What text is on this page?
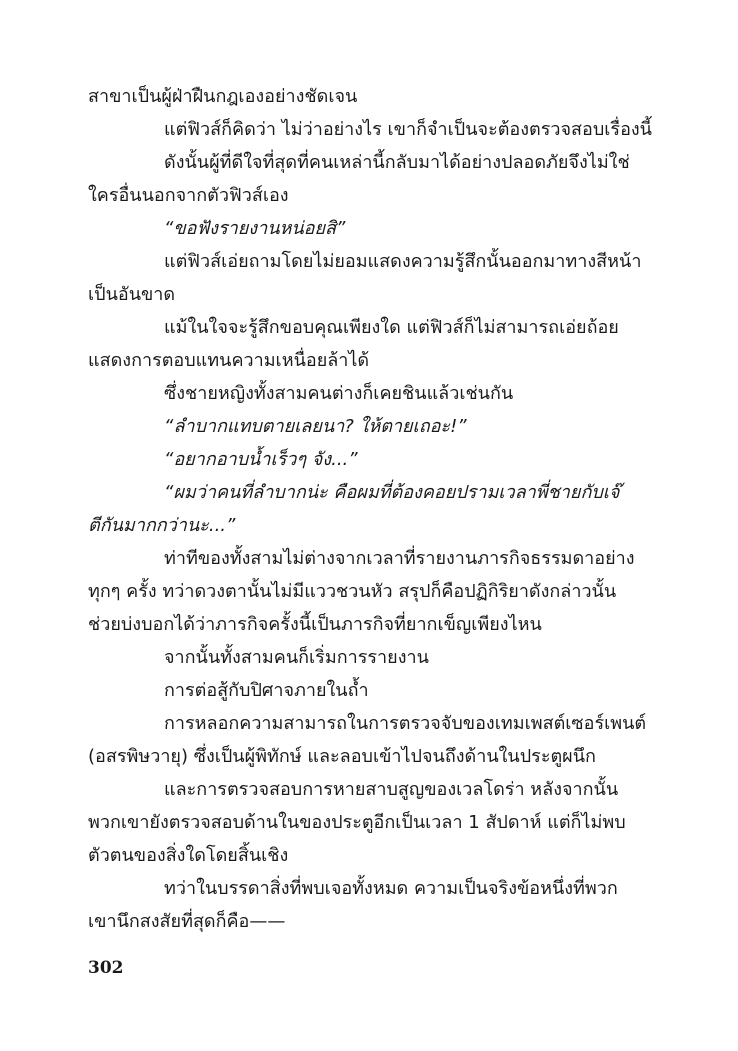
สาขาเป็นผู้ฝ่าฝืนกฎเองอย่างชัดเจน
แต่ฟิวส์ก็คิดว่า ไม่ว่าอย่างไร เขาก็จำเป็นจะต้องตรวจสอบเรื่องนี้
ดังนั้นผู้ที่ดีใจที่สุดที่คนเหล่านี้กลับมาได้อย่างปลอดภัยจึงไม่ใช่
ใครอื่นนอกจากตัวฟิวส์เอง
“ขอฟังรายงานหน่อยสิ”
แต่ฟิวส์เอ่ยถามโดยไม่ยอมแสดงความรู้สึกนั้นออกมาทางสีหน้า
เป็นอันขาด
แม้ในใจจะรู้สึกขอบคุณเพียงใด แต่ฟิวส์ก็ไม่สามารถเอ่ยถ้อย
แสดงการตอบแทนความเหนื่อยล้าได้
ซึ่งชายหญิงทั้งสามคนต่างก็เคยชินแล้วเช่นกัน
“ลำบากแทบตายเลยนา? ให้ตายเถอะ!”
“อยากอาบน้ำเร็วๆ จัง...”
“ผมว่าคนที่ลำบากน่ะ คือผมที่ต้องคอยปรามเวลาพี่ชายกับเจ๊
ตีกันมากกว่านะ...”
ท่าทีของทั้งสามไม่ต่างจากเวลาที่รายงานภารกิจธรรมดาอย่าง
ทุกๆ ครั้ง ทว่าดวงตานั้นไม่มีแววชวนหัว สรุปก็คือปฏิกิริยาดังกล่าวนั้น
ช่วยบ่งบอกได้ว่าภารกิจครั้งนี้เป็นภารกิจที่ยากเข็ญเพียงไหน
จากนั้นทั้งสามคนก็เริ่มการรายงาน
การต่อสู้กับปิศาจภายในถ้ำ
การหลอกความสามารถในการตรวจจับของเทมเพสต์เซอร์เพนต์
(อสรพิษวายุ) ซึ่งเป็นผู้พิทักษ์ และลอบเข้าไปจนถึงด้านในประตูผนึก
และการตรวจสอบการหายสาบสูญของเวลโดร่า หลังจากนั้น
พวกเขายังตรวจสอบด้านในของประตูอีกเป็นเวลา 1 สัปดาห์ แต่ก็ไม่พบ
ตัวตนของสิ่งใดโดยสิ้นเชิง
ทว่าในบรรดาสิ่งที่พบเจอทั้งหมด ความเป็นจริงข้อหนึ่งที่พวก
เขานึกสงสัยที่สุดก็คือ——
302
